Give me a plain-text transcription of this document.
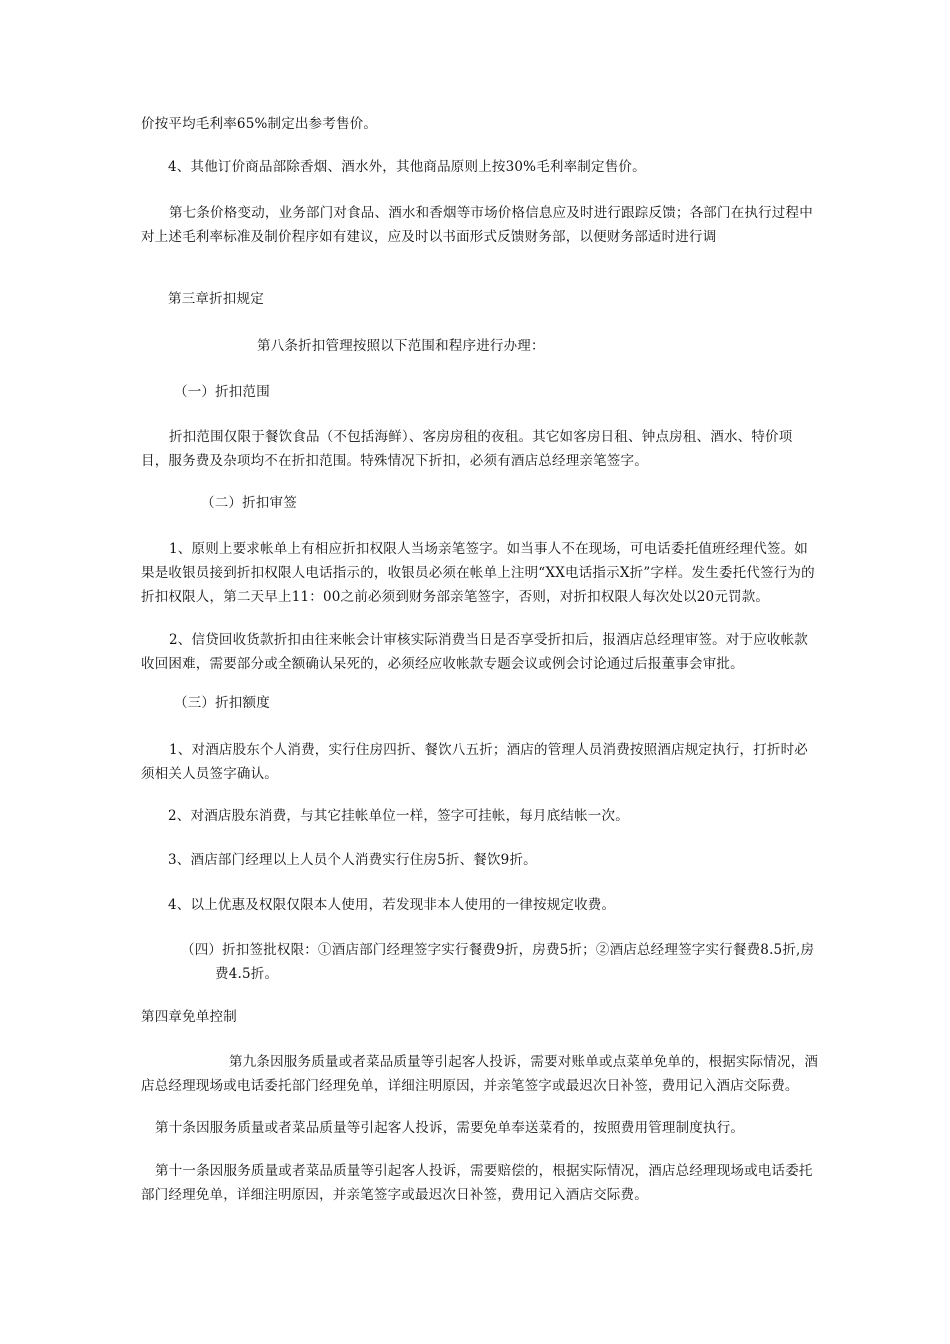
价按平均毛利率65%制定出参考售价。
4、其他订价商品部除香烟、酒水外，其他商品原则上按30%毛利率制定售价。
第七条价格变动，业务部门对食品、酒水和香烟等市场价格信息应及时进行跟踪反馈；各部门在执行过程中对上述毛利率标准及制价程序如有建议，应及时以书面形式反馈财务部，以便财务部适时进行调
第三章折扣规定
第八条折扣管理按照以下范围和程序进行办理：
（一）折扣范围
折扣范围仅限于餐饮食品（不包括海鲜）、客房房租的夜租。其它如客房日租、钟点房租、酒水、特价项目，服务费及杂项均不在折扣范围。特殊情况下折扣，必须有酒店总经理亲笔签字。
（二）折扣审签
1、原则上要求帐单上有相应折扣权限人当场亲笔签字。如当事人不在现场，可电话委托值班经理代签。如果是收银员接到折扣权限人电话指示的，收银员必须在帐单上注明“XX电话指示X折”字样。发生委托代签行为的折扣权限人，第二天早上11：00之前必须到财务部亲笔签字，否则，对折扣权限人每次处以20元罚款。
2、信贷回收货款折扣由往来帐会计审核实际消费当日是否享受折扣后，报酒店总经理审签。对于应收帐款收回困难，需要部分或全额确认呆死的，必须经应收帐款专题会议或例会讨论通过后报董事会审批。
（三）折扣额度
1、对酒店股东个人消费，实行住房四折、餐饮八五折；酒店的管理人员消费按照酒店规定执行，打折时必须相关人员签字确认。
2、对酒店股东消费，与其它挂帐单位一样，签字可挂帐，每月底结帐一次。
3、酒店部门经理以上人员个人消费实行住房5折、餐饮9折。
4、以上优惠及权限仅限本人使用，若发现非本人使用的一律按规定收费。
（四）折扣签批权限：①酒店部门经理签字实行餐费9折，房费5折；②酒店总经理签字实行餐费8.5折,房费4.5折。
第四章免单控制
第九条因服务质量或者菜品质量等引起客人投诉，需要对账单或点菜单免单的，根据实际情况，酒店总经理现场或电话委托部门经理免单，详细注明原因，并亲笔签字或最迟次日补签，费用记入酒店交际费。
第十条因服务质量或者菜品质量等引起客人投诉，需要免单奉送菜肴的，按照费用管理制度执行。
第十一条因服务质量或者菜品质量等引起客人投诉，需要赔偿的，根据实际情况，酒店总经理现场或电话委托部门经理免单，详细注明原因，并亲笔签字或最迟次日补签，费用记入酒店交际费。
